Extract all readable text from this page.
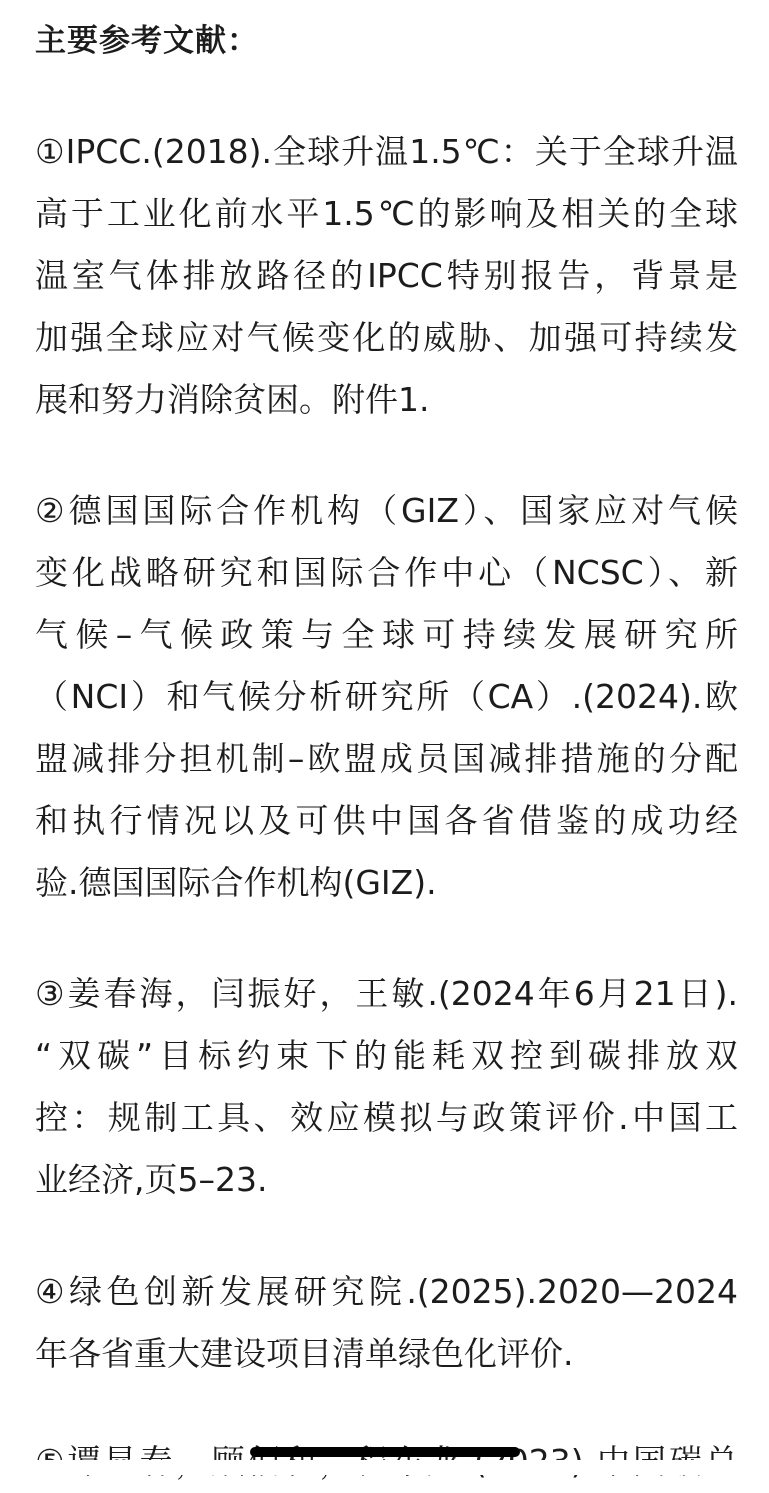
主要参考文献：
①IPCC.(2018).全球升温1.5℃：关于全球升温
高于工业化前水平1.5℃的影响及相关的全球
温室气体排放路径的IPCC特别报告，背景是
加强全球应对气候变化的威胁、加强可持续发
展和努力消除贫困。附件1.
②德国国际合作机构（GIZ）、国家应对气候
变化战略研究和国际合作中心（NCSC）、新
气候–气候政策与全球可持续发展研究所
（NCI）和气候分析研究所（CA）.(2024).欧
盟减排分担机制–欧盟成员国减排措施的分配
和执行情况以及可供中国各省借鉴的成功经
验.德国国际合作机构(GIZ).
③姜春海，闫振好，王敏.(2024年6月21日).
“双碳”目标约束下的能耗双控到碳排放双
控：规制工具、效应模拟与政策评价.中国工
业经济,页5–23.
④绿色创新发展研究院.(2025).2020—2024
年各省重大建设项目清单绿色化评价.
